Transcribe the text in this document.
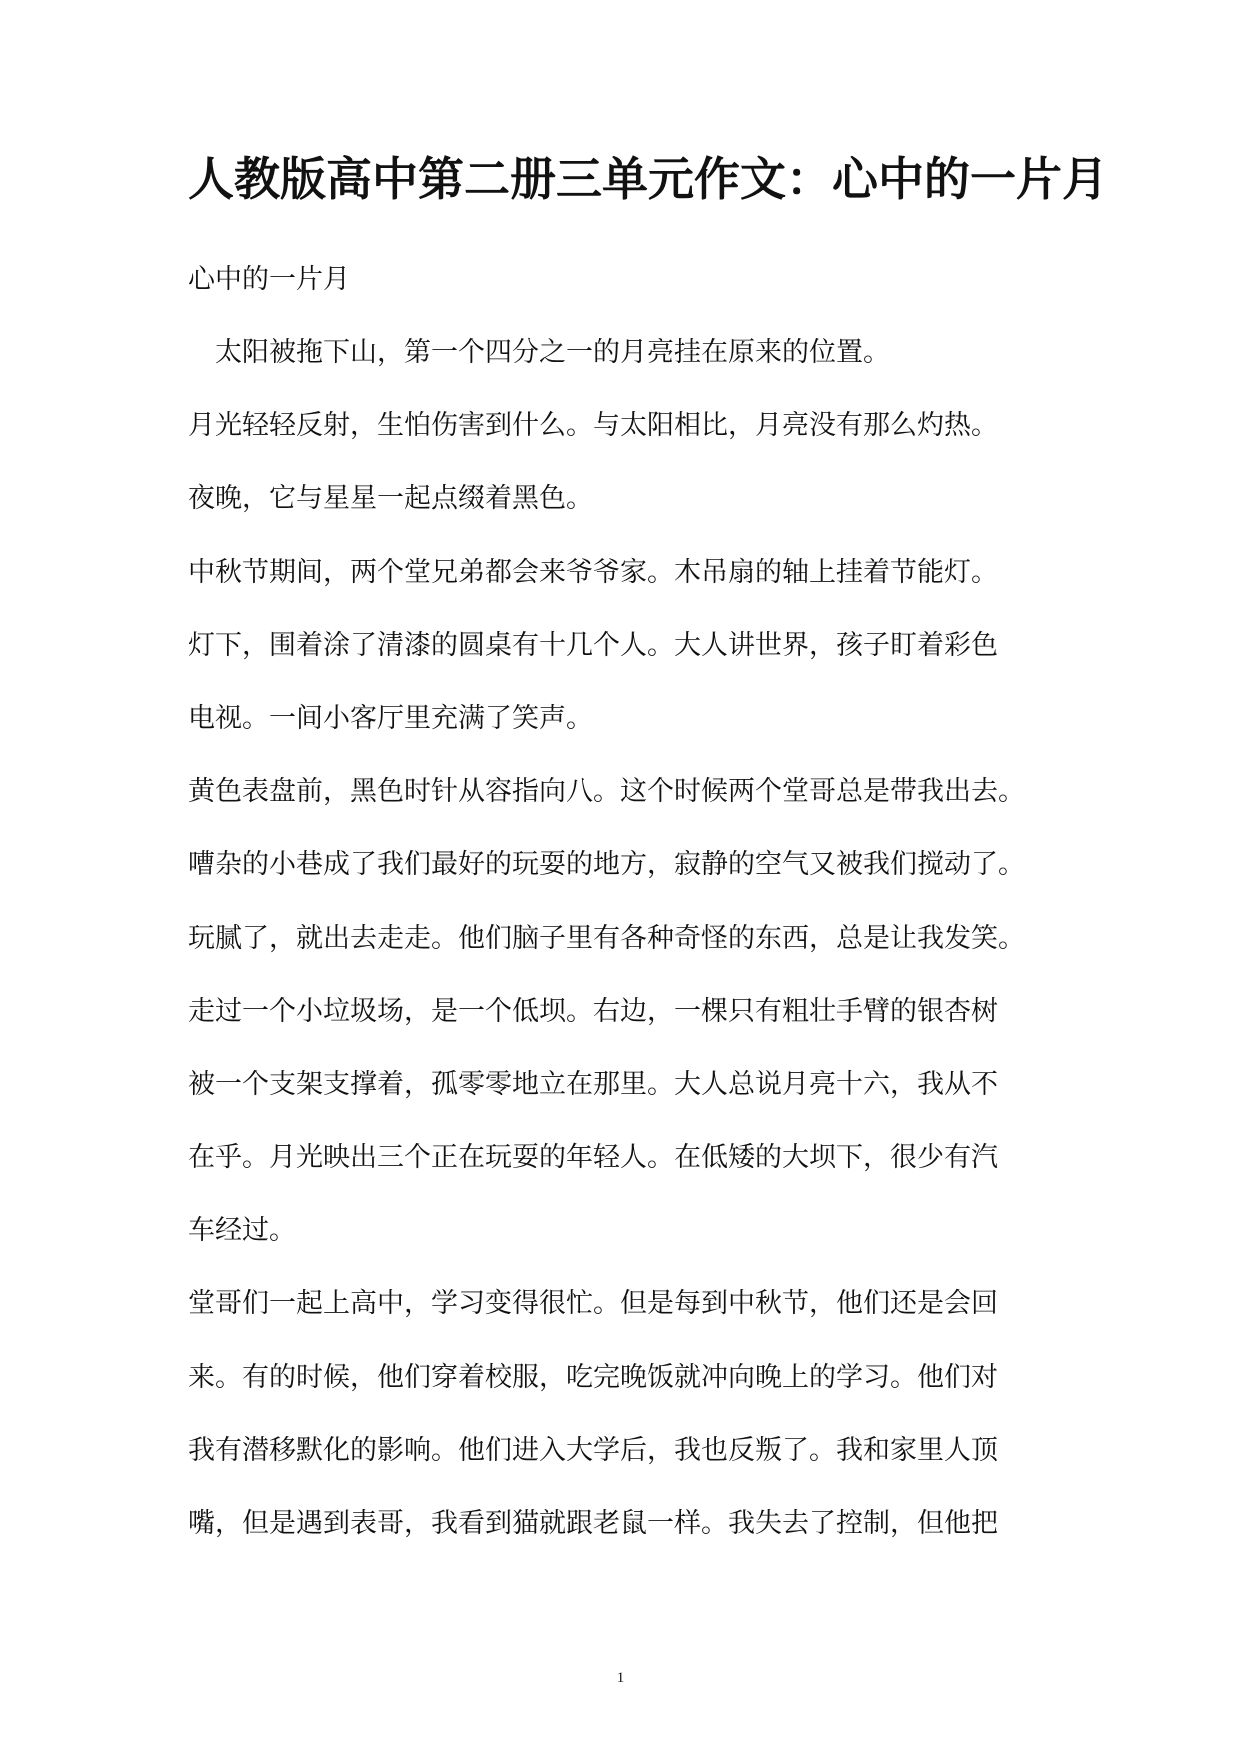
人教版高中第二册三单元作文：心中的一片月
心中的一片月
太阳被拖下山，第一个四分之一的月亮挂在原来的位置。
月光轻轻反射，生怕伤害到什么。与太阳相比，月亮没有那么灼热。
夜晚，它与星星一起点缀着黑色。
中秋节期间，两个堂兄弟都会来爷爷家。木吊扇的轴上挂着节能灯。
灯下，围着涂了清漆的圆桌有十几个人。大人讲世界，孩子盯着彩色
电视。一间小客厅里充满了笑声。
黄色表盘前，黑色时针从容指向八。这个时候两个堂哥总是带我出去。
嘈杂的小巷成了我们最好的玩耍的地方，寂静的空气又被我们搅动了。
玩腻了，就出去走走。他们脑子里有各种奇怪的东西，总是让我发笑。
走过一个小垃圾场，是一个低坝。右边，一棵只有粗壮手臂的银杏树
被一个支架支撑着，孤零零地立在那里。大人总说月亮十六，我从不
在乎。月光映出三个正在玩耍的年轻人。在低矮的大坝下，很少有汽
车经过。
堂哥们一起上高中，学习变得很忙。但是每到中秋节，他们还是会回
来。有的时候，他们穿着校服，吃完晚饭就冲向晚上的学习。他们对
我有潜移默化的影响。他们进入大学后，我也反叛了。我和家里人顶
嘴，但是遇到表哥，我看到猫就跟老鼠一样。我失去了控制，但他把
1
